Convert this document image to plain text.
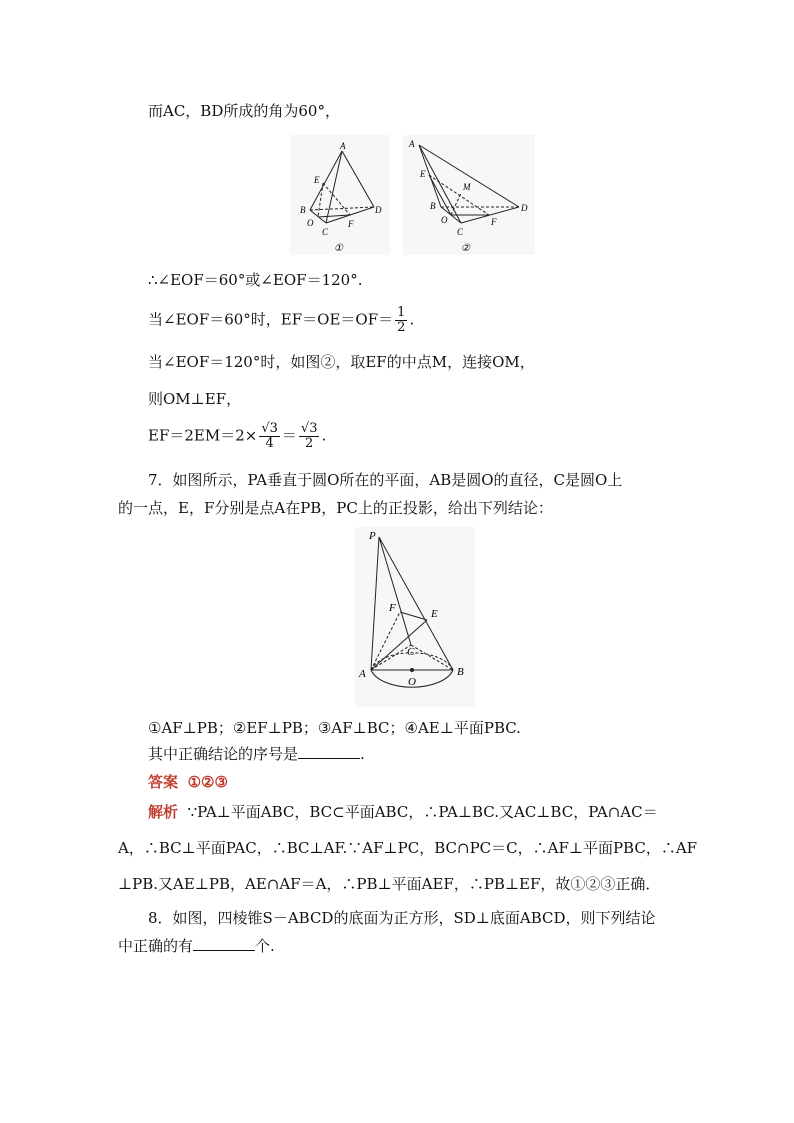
而AC，BD所成的角为60°，
A
E
B
O
C
F
D
①
A
E
M
B
O
C
F
D
②
∴∠EOF＝60°或∠EOF＝120°.
当∠EOF＝60°时，$EF=OE=OF= \frac{1}{2}$ .
当∠EOF＝120°时，如图②，取EF的中点M，连接OM，
则OM⊥EF，
$EF=2EM=2\times \frac{√3}{4} = \frac{√3}{2}$ .
7．如图所示，PA垂直于圆O所在的平面，AB是圆O的直径，C是圆O上
的一点，E，F分别是点A在PB，PC上的正投影，给出下列结论：
P
F	E
C
A	B
O
①AF⊥PB；②EF⊥PB；③AF⊥BC；④AE⊥平面PBC.
其中正确结论的序号是	.
答案 ①②③
解析 ∵PA⊥平面ABC，BC⊂平面ABC，∴PA⊥BC.又AC⊥BC，PA∩AC＝
A，∴BC⊥平面PAC，∴BC⊥AF.∵AF⊥PC，BC∩PC＝C，∴AF⊥平面PBC，∴AF
⊥PB.又AE⊥PB，AE∩AF＝A，∴PB⊥平面AEF，∴PB⊥EF，故①②③正确．
8．如图，四棱锥S－ABCD的底面为正方形，SD⊥底面ABCD，则下列结论
中正确的有	个.
